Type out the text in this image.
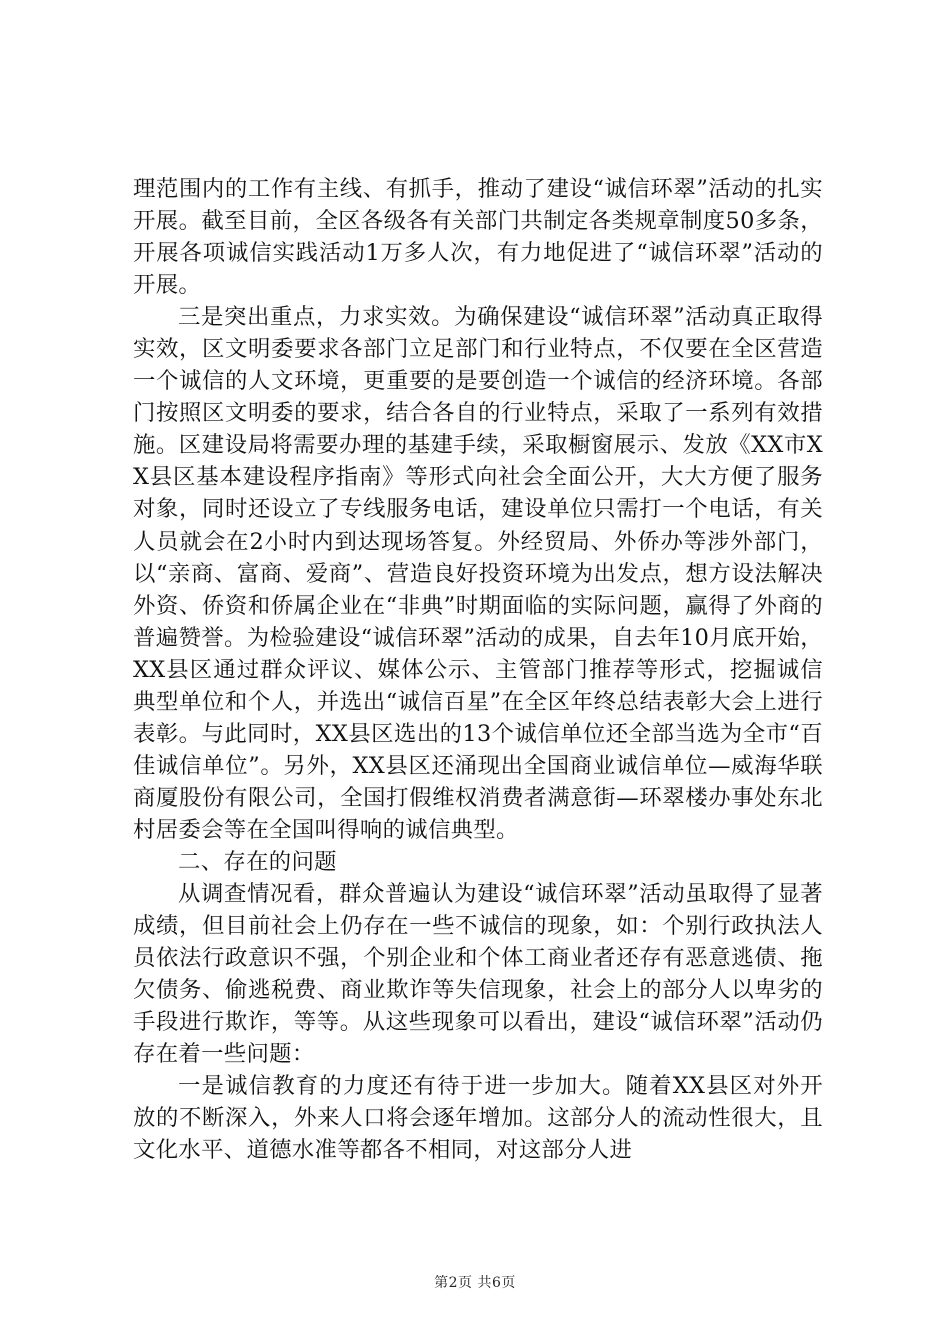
理范围内的工作有主线、有抓手，推动了建设“诚信环翠”活动的扎实开展。截至目前，全区各级各有关部门共制定各类规章制度50多条，开展各项诚信实践活动1万多人次，有力地促进了“诚信环翠”活动的开展。

三是突出重点，力求实效。为确保建设“诚信环翠”活动真正取得实效，区文明委要求各部门立足部门和行业特点，不仅要在全区营造一个诚信的人文环境，更重要的是要创造一个诚信的经济环境。各部门按照区文明委的要求，结合各自的行业特点，采取了一系列有效措施。区建设局将需要办理的基建手续，采取橱窗展示、发放《XX市XX县区基本建设程序指南》等形式向社会全面公开，大大方便了服务对象，同时还设立了专线服务电话，建设单位只需打一个电话，有关人员就会在2小时内到达现场答复。外经贸局、外侨办等涉外部门，以“亲商、富商、爱商”、营造良好投资环境为出发点，想方设法解决外资、侨资和侨属企业在“非典”时期面临的实际问题，赢得了外商的普遍赞誉。为检验建设“诚信环翠”活动的成果，自去年10月底开始，XX县区通过群众评议、媒体公示、主管部门推荐等形式，挖掘诚信典型单位和个人，并选出“诚信百星”在全区年终总结表彰大会上进行表彰。与此同时，XX县区选出的13个诚信单位还全部当选为全市“百佳诚信单位”。另外，XX县区还涌现出全国商业诚信单位—威海华联商厦股份有限公司，全国打假维权消费者满意街—环翠楼办事处东北村居委会等在全国叫得响的诚信典型。

二、存在的问题

从调查情况看，群众普遍认为建设“诚信环翠”活动虽取得了显著成绩，但目前社会上仍存在一些不诚信的现象，如：个别行政执法人员依法行政意识不强，个别企业和个体工商业者还存有恶意逃债、拖欠债务、偷逃税费、商业欺诈等失信现象，社会上的部分人以卑劣的手段进行欺诈，等等。从这些现象可以看出，建设“诚信环翠”活动仍存在着一些问题：

一是诚信教育的力度还有待于进一步加大。随着XX县区对外开放的不断深入，外来人口将会逐年增加。这部分人的流动性很大，且文化水平、道德水准等都各不相同，对这部分人进

第2页 共6页
